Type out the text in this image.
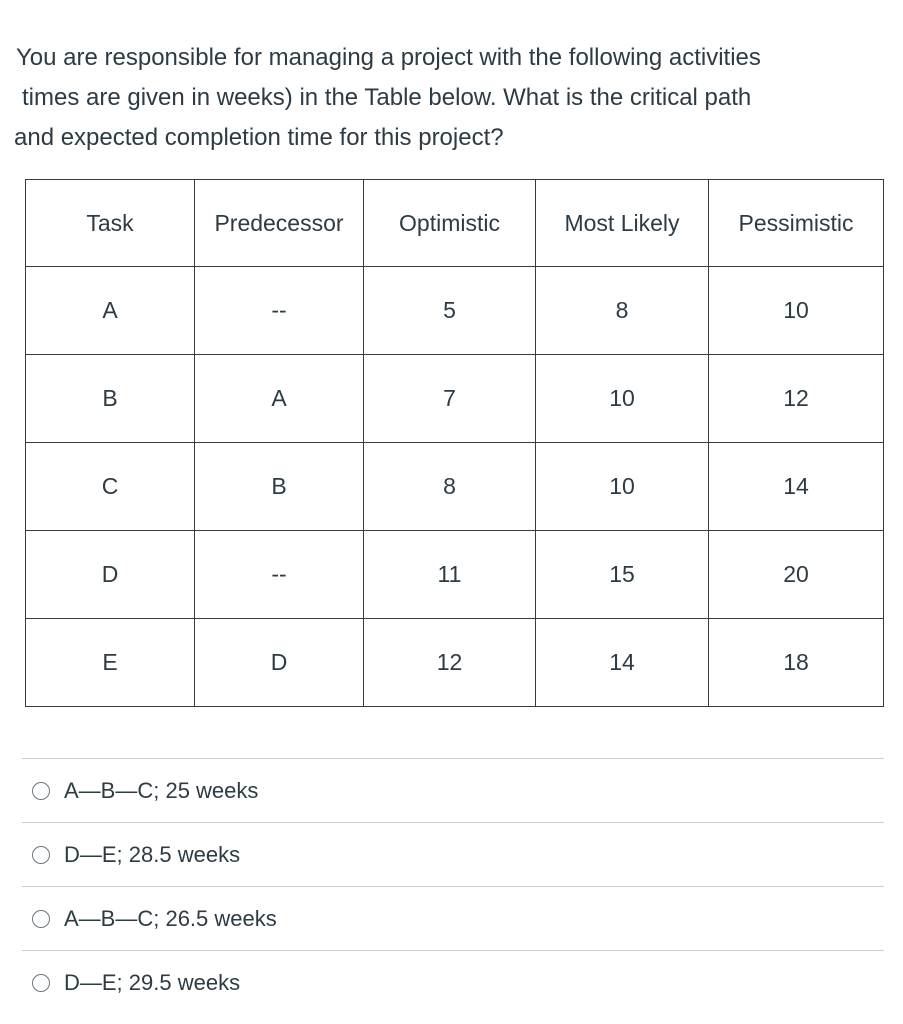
You are responsible for managing a project with the following activities
times are given in weeks) in the Table below. What is the critical path
and expected completion time for this project?
Task	Predecessor	Optimistic	Most Likely	Pessimistic
A	--	5	8	10
B	A	7	10	12
C	B	8	10	14
D	--	11	15	20
E	D	12	14	18
A—B—C; 25 weeks
D—E; 28.5 weeks
A—B—C; 26.5 weeks
D—E; 29.5 weeks
